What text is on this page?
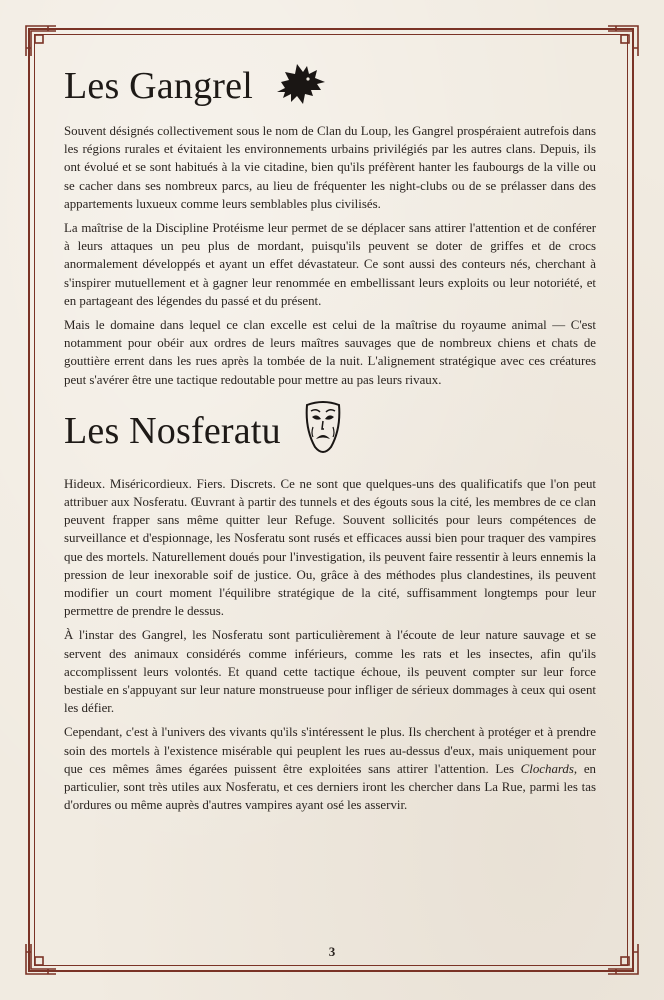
Les Gangrel

Souvent désignés collectivement sous le nom de Clan du Loup, les Gangrel prospéraient autrefois dans les régions rurales et évitaient les environnements urbains privilégiés par les autres clans. Depuis, ils ont évolué et se sont habitués à la vie citadine, bien qu'ils préfèrent hanter les faubourgs de la ville ou se cacher dans ses nombreux parcs, au lieu de fréquenter les night-clubs ou de se prélasser dans des appartements luxueux comme leurs semblables plus civilisés.

La maîtrise de la Discipline Protéisme leur permet de se déplacer sans attirer l'attention et de conférer à leurs attaques un peu plus de mordant, puisqu'ils peuvent se doter de griffes et de crocs anormalement développés et ayant un effet dévastateur. Ce sont aussi des conteurs nés, cherchant à s'inspirer mutuellement et à gagner leur renommée en embellissant leurs exploits ou leur notoriété, et en partageant des légendes du passé et du présent.

Mais le domaine dans lequel ce clan excelle est celui de la maîtrise du royaume animal — C'est notamment pour obéir aux ordres de leurs maîtres sauvages que de nombreux chiens et chats de gouttière errent dans les rues après la tombée de la nuit. L'alignement stratégique avec ces créatures peut s'avérer être une tactique redoutable pour mettre au pas leurs rivaux.

Les Nosferatu

Hideux. Miséricordieux. Fiers. Discrets. Ce ne sont que quelques-uns des qualificatifs que l'on peut attribuer aux Nosferatu. Œuvrant à partir des tunnels et des égouts sous la cité, les membres de ce clan peuvent frapper sans même quitter leur Refuge. Souvent sollicités pour leurs compétences de surveillance et d'espionnage, les Nosferatu sont rusés et efficaces aussi bien pour traquer des vampires que des mortels. Naturellement doués pour l'investigation, ils peuvent faire ressentir à leurs ennemis la pression de leur inexorable soif de justice. Ou, grâce à des méthodes plus clandestines, ils peuvent modifier un court moment l'équilibre stratégique de la cité, suffisamment longtemps pour leur permettre de prendre le dessus.

À l'instar des Gangrel, les Nosferatu sont particulièrement à l'écoute de leur nature sauvage et se servent des animaux considérés comme inférieurs, comme les rats et les insectes, afin qu'ils accomplissent leurs volontés. Et quand cette tactique échoue, ils peuvent compter sur leur force bestiale en s'appuyant sur leur nature monstrueuse pour infliger de sérieux dommages à ceux qui osent les défier.

Cependant, c'est à l'univers des vivants qu'ils s'intéressent le plus. Ils cherchent à protéger et à prendre soin des mortels à l'existence misérable qui peuplent les rues au-dessus d'eux, mais uniquement pour que ces mêmes âmes égarées puissent être exploitées sans attirer l'attention. Les Clochards, en particulier, sont très utiles aux Nosferatu, et ces derniers iront les chercher dans La Rue, parmi les tas d'ordures ou même auprès d'autres vampires ayant osé les asservir.

3
